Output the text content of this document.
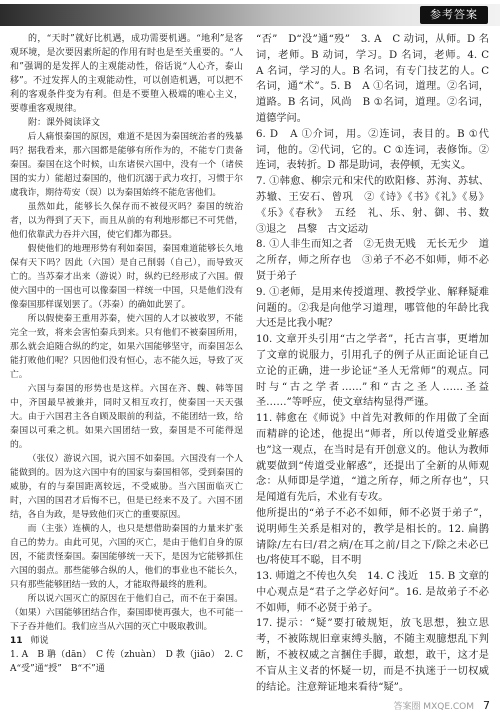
参考答案

的，“天时”就好比机遇，成功需要机遇。“地利”是客观环境，是次要因素所起的作用有时也是至关重要的。“人和”强调的是发挥人的主观能动性，俗话说“人心齐，泰山移”。不过发挥人的主观能动性，可以创造机遇，可以把不利的客观条件变为有利。但是不要堕入极端的唯心主义，要尊重客观规律。

附：课外阅读译文

后人痛恨秦国的原因，难道不是因为秦国统治者的残暴吗？据我看来，那六国都是能够有所作为的，不能专门责备秦国。秦国在这个时候，山东诸侯六国中，没有一个（诸侯国的实力）能超过秦国的，他们沉溺于武力攻打，习惯于尔虞我诈，期待苟安（误）以为秦国始终不能危害他们。

虽然如此，能够长久保存而不被侵灭吗？秦国的统治者，以为得到了天下，而且从前的有利地形都已不可凭借，他们依靠武力吞并六国，使它们都为郡县。

假使他们的地理形势有利如秦国，秦国难道能够长久地保有天下吗？因此（六国）是自己削弱（自己），而导致灭亡的。当苏秦才出来（游说）时，纵约已经形成了六国。假使六国中的一国也可以像秦国一样统一中国，只是他们没有像秦国那样谋划罢了。（苏秦）的确如此罢了。

所以假使秦王重用苏秦，使六国的人才以被收罗，不能完全一致，将来会害怕秦兵到来。只有他们不被秦国所用，那么就会追随合纵的约定，如果六国能够坚守，而秦国怎么能打败他们呢？只因他们没有恒心，志不能久远，导致了灭亡。

六国与秦国的形势也是这样。六国在齐、魏、韩等国中，齐国最早被兼并，同时又相互攻打，使秦国一天天强大。由于六国君主各自顾及眼前的利益，不能团结一致，给秦国以可乘之机。如果六国团结一致，秦国是不可能得逞的。

（张仪）游说六国，说六国不如秦国。六国没有一个人能做到的。因为这六国中有的国家与秦国相邻，受到秦国的威胁，有的与秦国距离较远，不受威胁。当六国面临灭亡时，六国的国君才后悔不已，但是已经来不及了。六国不团结，各自为政，是导致他们灭亡的重要原因。

而（主张）连横的人，也只是想借助秦国的力量来扩张自己的势力。由此可见，六国的灭亡，是由于他们自身的原因，不能责怪秦国。秦国能够统一天下，是因为它能够抓住六国的弱点。那些能够合纵的人，他们的事业也不能长久，只有那些能够团结一致的人，才能取得最终的胜利。

所以说六国灭亡的原因在于他们自己，而不在于秦国。（如果）六国能够团结合作，秦国即使再强大，也不可能一下子吞并他们。我们应当从六国的灭亡中吸取教训。

11 师说

1. A　B 聃（dān）　C 传（zhuàn）　D 教（jiāo）　2. C　A“受”通“授”　B“不”通

“否”　D“没”通“殁”　3. A　C 动词，从师。D 名词，老师。B 动词，学习。D 名词，老师。4. C　A 名词，学习的人。B 名词，有专门技艺的人。C 名词，通“术”。5. B　A ①名词，道理。②名词，道路。B 名词，风尚　B ①名词，道理。②名词，道德学问。

6. D　A ①介词，用。②连词，表目的。B ①代词，他的。②代词，它的。C ①连词，表修饰。②连词，表转折。D 都是助词，表停顿，无实义。

7. ①韩愈、柳宗元和宋代的欧阳修、苏洵、苏轼、苏辙、王安石、曾巩　②《诗》《书》《礼》《易》《乐》《春秋》　五经　礼、乐、射、御、书、数　③退之　昌黎　古文运动

8. ①人非生而知之者　②无贵无贱　无长无少　道之所存，师之所存也　③弟子不必不如师，师不必贤于弟子

9. ①老师，是用来传授道理、教授学业、解释疑难问题的。②我是向他学习道理，哪管他的年龄比我大还是比我小呢？

10. 文章开头引用“古之学者”，托古言事，更增加了文章的说服力，引用孔子的例子从正面论证自己立论的正确，进一步论证“圣人无常师”的观点。同时与“古之学者……”和“古之圣人……圣益圣……”等呼应，使文章结构显得严谨。

11. 韩愈在《师说》中首先对教师的作用做了全面而精辟的论述，他提出“师者，所以传道受业解惑也”这一观点，在当时是有开创意义的。他认为教师就要做到“传道受业解惑”，还提出了全新的从师观念：从师即是学道，“道之所存，师之所存也”，只是闻道有先后，术业有专攻。

他所提出的“弟子不必不如师，师不必贤于弟子”，说明师生关系是相对的，教学是相长的。12. 扁鹊请除/左右曰/君之病/在耳之前/目之下/除之未必已也/将使耳不聪，目不明

13. 师道之不传也久矣　14. C 浅近　15. B 文章的中心观点是“君子之学必好问”。16. 是故弟子不必不如师，师不必贤于弟子。

17. 提示：“疑”要打破规矩，放飞思想，独立思考，不被陈规旧章束缚头脑，不随主观臆想乱下判断，不被权威之言捆住手脚，敢想，敢干，这才是不盲从主义者的怀疑一切，而是不执迷于一切权威的结论。注意辩证地来看待“疑”。

答案圈 MXQE.COM 7
